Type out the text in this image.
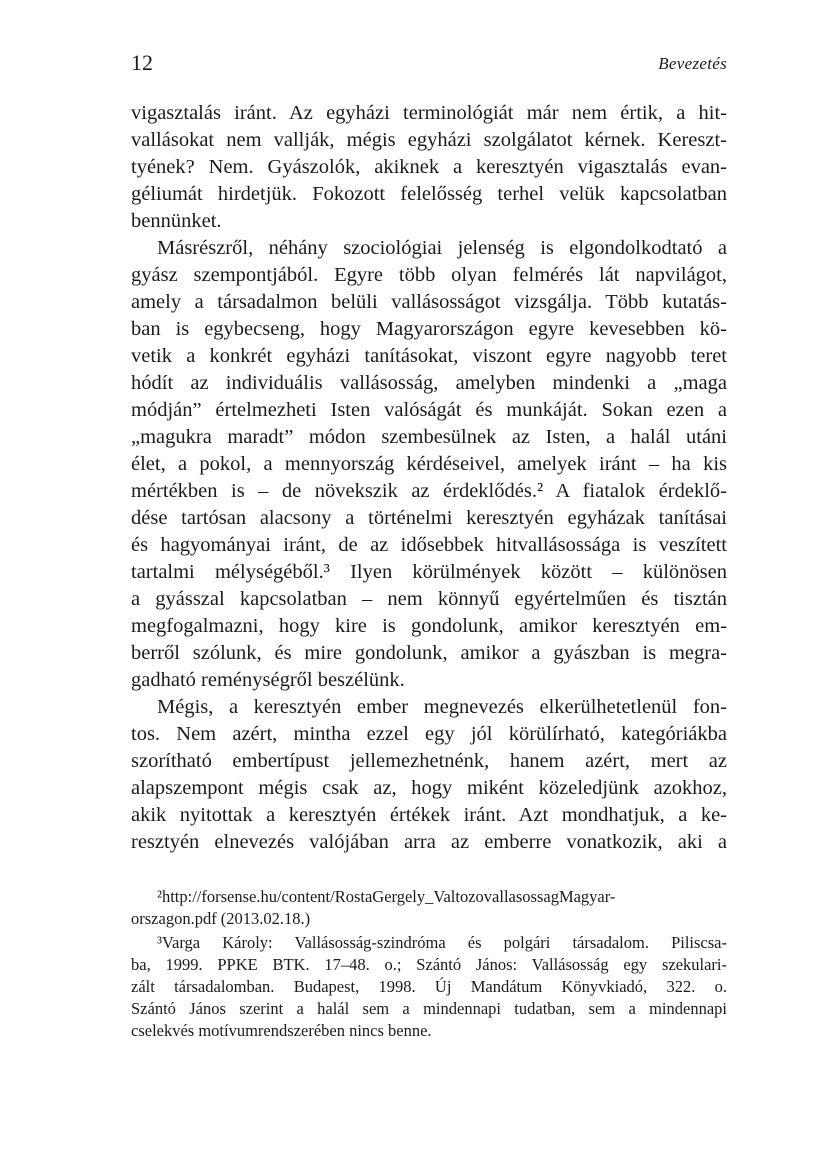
12	Bevezetés
vigasztalás iránt. Az egyházi terminológiát már nem értik, a hit-
vallásokat nem vallják, mégis egyházi szolgálatot kérnek. Kereszt-
tyének? Nem. Gyászolók, akiknek a keresztyén vigasztalás evan-
géliumát hirdetjük. Fokozott felelősség terhel velük kapcsolatban
bennünket.
Másrészről, néhány szociológiai jelenség is elgondolkodtató a
gyász szempontjából. Egyre több olyan felmérés lát napvilágot,
amely a társadalmon belüli vallásosságot vizsgálja. Több kutatás-
ban is egybecseng, hogy Magyarországon egyre kevesebben kö-
vetik a konkrét egyházi tanításokat, viszont egyre nagyobb teret
hódít az individuális vallásosság, amelyben mindenki a „maga
módján” értelmezheti Isten valóságát és munkáját. Sokan ezen a
„magukra maradt” módon szembesülnek az Isten, a halál utáni
élet, a pokol, a mennyország kérdéseivel, amelyek iránt – ha kis
mértékben is – de növekszik az érdeklődés.² A fiatalok érdeklő-
dése tartósan alacsony a történelmi keresztyén egyházak tanításai
és hagyományai iránt, de az idősebbek hitvallásossága is veszített
tartalmi mélységéből.³ Ilyen körülmények között – különösen
a gyásszal kapcsolatban – nem könnyű egyértelműen és tisztán
megfogalmazni, hogy kire is gondolunk, amikor keresztyén em-
berről szólunk, és mire gondolunk, amikor a gyászban is megra-
gadható reménységről beszélünk.
Mégis, a keresztyén ember megnevezés elkerülhetetlenül fon-
tos. Nem azért, mintha ezzel egy jól körülírható, kategóriákba
szorítható embertípust jellemezhetnénk, hanem azért, mert az
alapszempont mégis csak az, hogy miként közeledjünk azokhoz,
akik nyitottak a keresztyén értékek iránt. Azt mondhatjuk, a ke-
resztyén elnevezés valójában arra az emberre vonatkozik, aki a
²http://forsense.hu/content/RostaGergely_ValtozovallasossagMagyar-
orszagon.pdf (2013.02.18.)
³Varga Károly: Vallásosság-szindróma és polgári társadalom. Piliscsa-
ba, 1999. PPKE BTK. 17–48. o.; Szántó János: Vallásosság egy szekulari-
zált társadalomban. Budapest, 1998. Új Mandátum Könyvkiadó, 322. o.
Szántó János szerint a halál sem a mindennapi tudatban, sem a mindennapi
cselekvés motívumrendszerében nincs benne.
